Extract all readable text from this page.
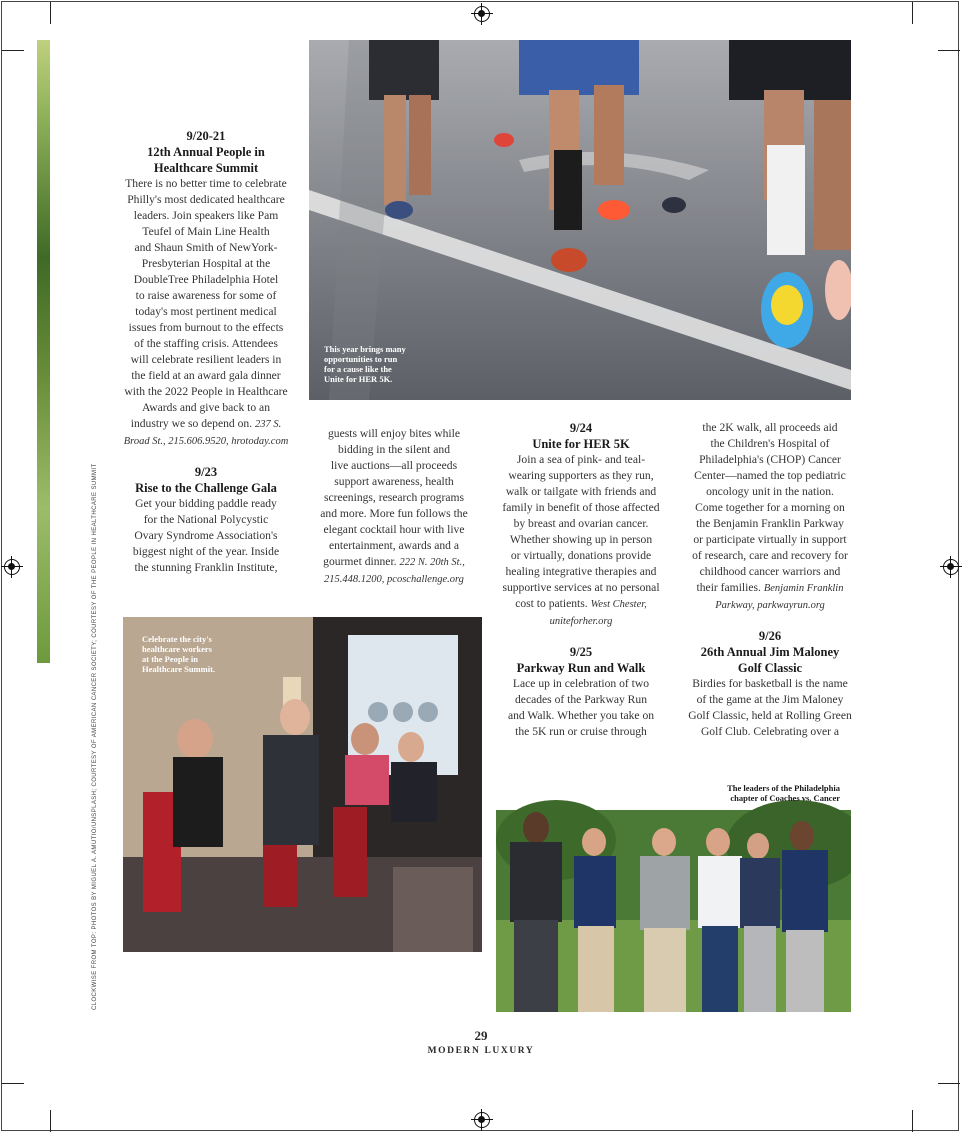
This year brings many
opportunities to run
for a cause like the
Unite for HER 5K.
Celebrate the city's
healthcare workers
at the People in
Healthcare Summit.
The leaders of the Philadelphia
chapter of Coaches vs. Cancer

9/20-21

12th Annual People in

Healthcare Summit

There is no better time to celebrate

Philly's most dedicated healthcare

leaders. Join speakers like Pam

Teufel of Main Line Health

and Shaun Smith of NewYork-

Presbyterian Hospital at the

DoubleTree Philadelphia Hotel

to raise awareness for some of

today's most pertinent medical

issues from burnout to the effects

of the staffing crisis. Attendees

will celebrate resilient leaders in

the field at an award gala dinner

with the 2022 People in Healthcare

Awards and give back to an

industry we so depend on. 237 S.

Broad St., 215.606.9520, hrotoday.com

9/23

Rise to the Challenge Gala

Get your bidding paddle ready

for the National Polycystic

Ovary Syndrome Association's

biggest night of the year. Inside

the stunning Franklin Institute,

guests will enjoy bites while

bidding in the silent and

live auctions—all proceeds

support awareness, health

screenings, research programs

and more. More fun follows the

elegant cocktail hour with live

entertainment, awards and a

gourmet dinner. 222 N. 20th St.,

215.448.1200, pcoschallenge.org

9/24

Unite for HER 5K

Join a sea of pink- and teal-

wearing supporters as they run,

walk or tailgate with friends and

family in benefit of those affected

by breast and ovarian cancer.

Whether showing up in person

or virtually, donations provide

healing integrative therapies and

supportive services at no personal

cost to patients. West Chester,

uniteforher.org

9/25

Parkway Run and Walk

Lace up in celebration of two

decades of the Parkway Run

and Walk. Whether you take on

the 5K run or cruise through

the 2K walk, all proceeds aid

the Children's Hospital of

Philadelphia's (CHOP) Cancer

Center—named the top pediatric

oncology unit in the nation.

Come together for a morning on

the Benjamin Franklin Parkway

or participate virtually in support

of research, care and recovery for

childhood cancer warriors and

their families. Benjamin Franklin

Parkway, parkwayrun.org

9/26

26th Annual Jim Maloney

Golf Classic

Birdies for basketball is the name

of the game at the Jim Maloney

Golf Classic, held at Rolling Green

Golf Club. Celebrating over a

CLOCKWISE FROM TOP: PHOTOS BY MIGUEL A. AMUTIO/UNSPLASH; COURTESY OF AMERICAN CANCER SOCIETY; COURTESY OF THE PEOPLE IN HEALTHCARE SUMMIT
29
MODERN LUXURY
